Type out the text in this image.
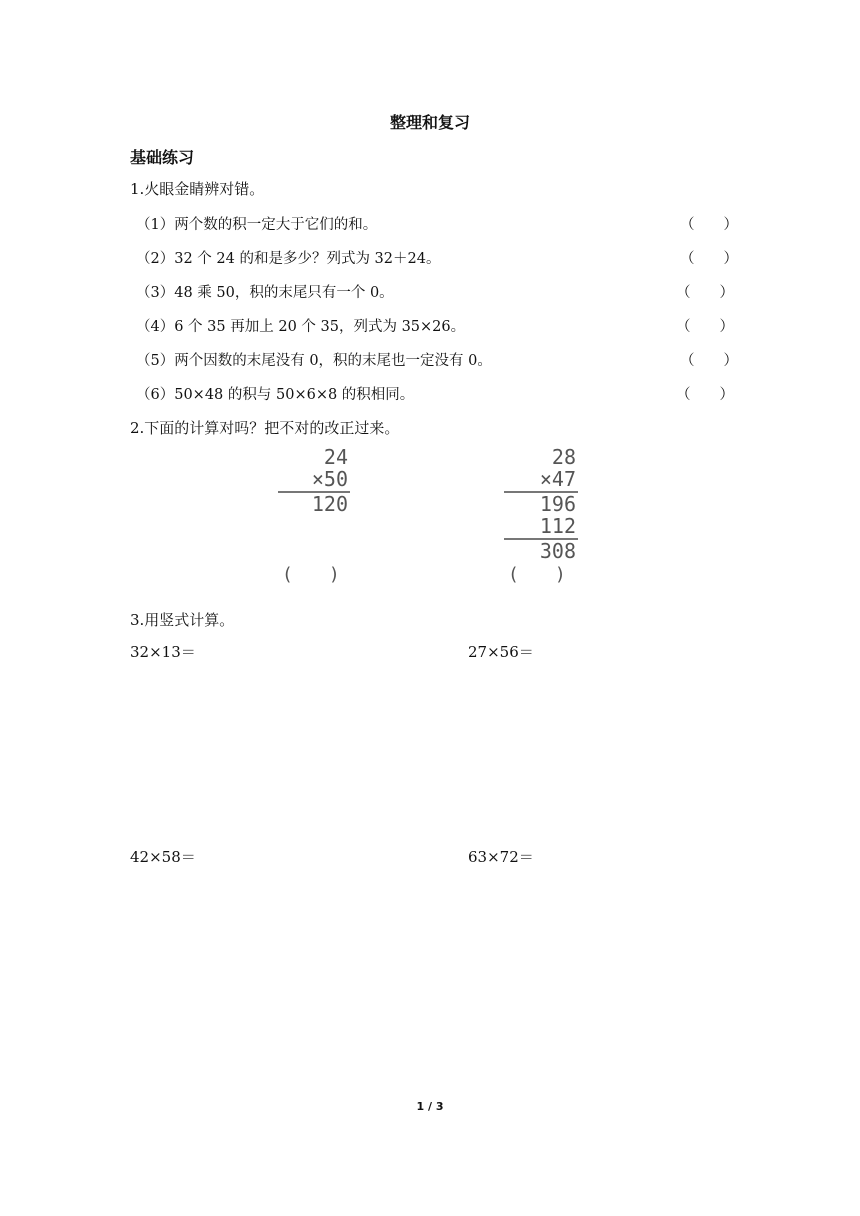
整理和复习
基础练习
1.火眼金睛辨对错。
（1）两个数的积一定大于它们的和。	（　　）
（2）32 个 24 的和是多少？列式为 32＋24。	（　　）
（3）48 乘 50，积的末尾只有一个 0。	（　　）
（4）6 个 35 再加上 20 个 35，列式为 35×26。	（　　）
（5）两个因数的末尾没有 0，积的末尾也一定没有 0。	（　　）
（6）50×48 的积与 50×6×8 的积相同。	（　　）
2.下面的计算对吗？把不对的改正过来。
24
×50
120
(　　)
28
×47
196
112
308
(　　)
3.用竖式计算。
32×13＝	27×56＝
42×58＝	63×72＝
1 / 3
